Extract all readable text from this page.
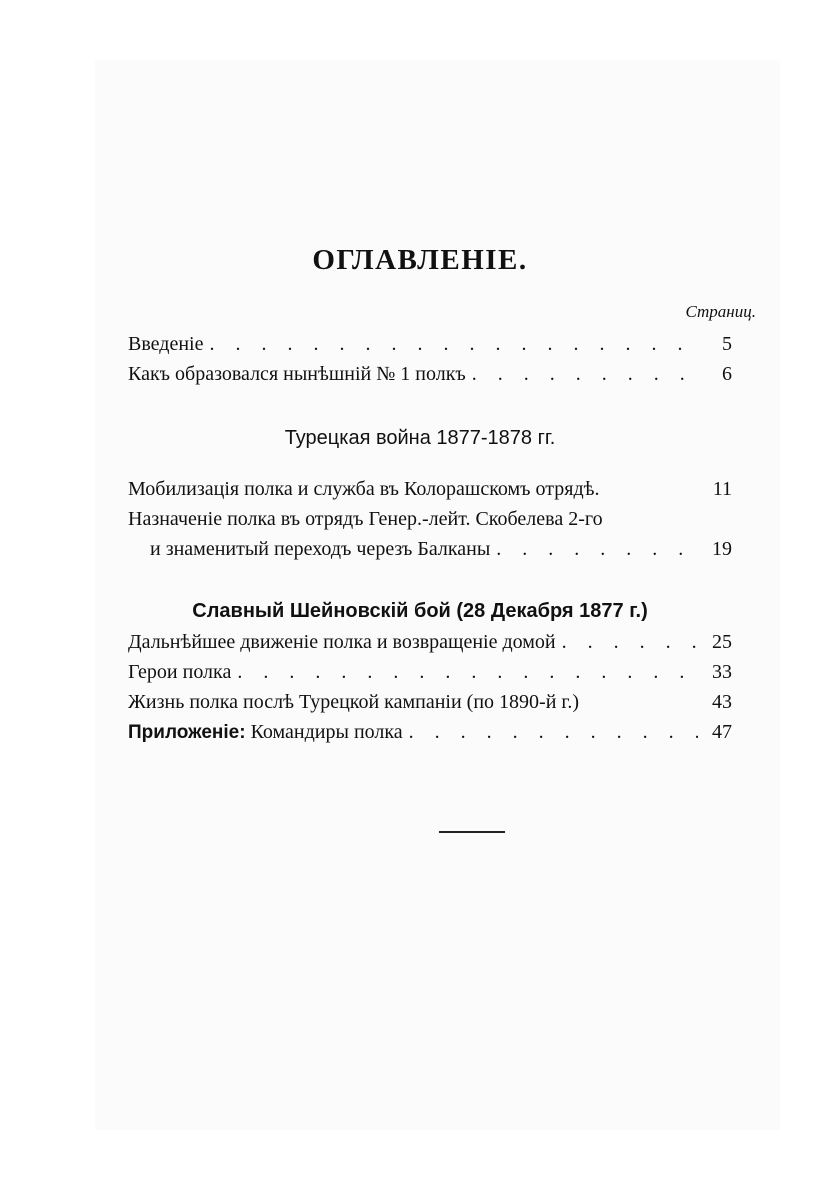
ОГЛАВЛЕНІЕ.
Страниц.
Введеніе . . .	5
Какъ образовался нынѣшній № 1 полкъ . . .	6
Турецкая война 1877-1878 гг.
Мобилизація полка и служба въ Колорашскомъ отрядѣ.	11
Назначеніе полка въ отрядъ Генер.-лейт. Скобелева 2-го
и знаменитый переходъ черезъ Балканы . . .	19
Славный Шейновскій бой (28 Декабря 1877 г.)
Дальнѣйшее движеніе полка и возвращеніе домой . . .	25
Герои полка . . .	33
Жизнь полка послѣ Турецкой кампаніи (по 1890-й г.)	43
Приложеніе: Командиры полка . . .	47
